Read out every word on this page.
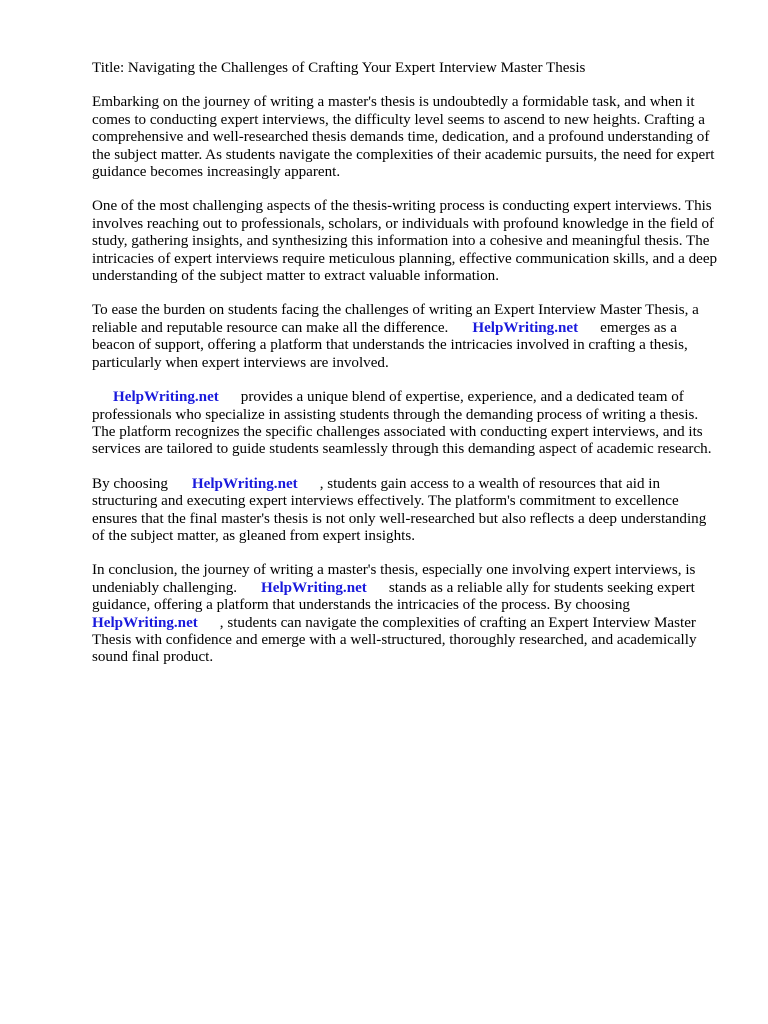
Title: Navigating the Challenges of Crafting Your Expert Interview Master Thesis

Embarking on the journey of writing a master's thesis is undoubtedly a formidable task, and when it comes to conducting expert interviews, the difficulty level seems to ascend to new heights. Crafting a comprehensive and well-researched thesis demands time, dedication, and a profound understanding of the subject matter. As students navigate the complexities of their academic pursuits, the need for expert guidance becomes increasingly apparent.

One of the most challenging aspects of the thesis-writing process is conducting expert interviews. This involves reaching out to professionals, scholars, or individuals with profound knowledge in the field of study, gathering insights, and synthesizing this information into a cohesive and meaningful thesis. The intricacies of expert interviews require meticulous planning, effective communication skills, and a deep understanding of the subject matter to extract valuable information.

To ease the burden on students facing the challenges of writing an Expert Interview Master Thesis, a reliable and reputable resource can make all the difference. HelpWriting.net emerges as a beacon of support, offering a platform that understands the intricacies involved in crafting a thesis, particularly when expert interviews are involved.

HelpWriting.net provides a unique blend of expertise, experience, and a dedicated team of professionals who specialize in assisting students through the demanding process of writing a thesis. The platform recognizes the specific challenges associated with conducting expert interviews, and its services are tailored to guide students seamlessly through this demanding aspect of academic research.

By choosing HelpWriting.net , students gain access to a wealth of resources that aid in structuring and executing expert interviews effectively. The platform's commitment to excellence ensures that the final master's thesis is not only well-researched but also reflects a deep understanding of the subject matter, as gleaned from expert insights.

In conclusion, the journey of writing a master's thesis, especially one involving expert interviews, is undeniably challenging. HelpWriting.net stands as a reliable ally for students seeking expert guidance, offering a platform that understands the intricacies of the process. By choosing HelpWriting.net , students can navigate the complexities of crafting an Expert Interview Master Thesis with confidence and emerge with a well-structured, thoroughly researched, and academically sound final product.
